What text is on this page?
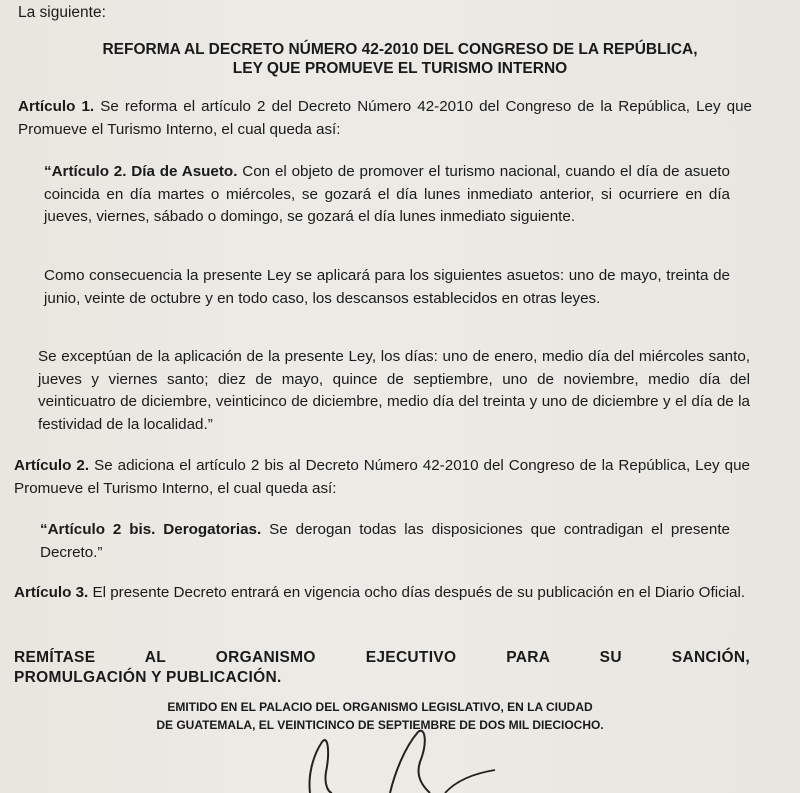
La siguiente:
REFORMA AL DECRETO NÚMERO 42-2010 DEL CONGRESO DE LA REPÚBLICA,
LEY QUE PROMUEVE EL TURISMO INTERNO
Artículo 1. Se reforma el artículo 2 del Decreto Número 42-2010 del Congreso de la República, Ley que Promueve el Turismo Interno, el cual queda así:
“Artículo 2. Día de Asueto. Con el objeto de promover el turismo nacional, cuando el día de asueto coincida en día martes o miércoles, se gozará el día lunes inmediato anterior, si ocurriere en día jueves, viernes, sábado o domingo, se gozará el día lunes inmediato siguiente.
Como consecuencia la presente Ley se aplicará para los siguientes asuetos: uno de mayo, treinta de junio, veinte de octubre y en todo caso, los descansos establecidos en otras leyes.
Se exceptúan de la aplicación de la presente Ley, los días: uno de enero, medio día del miércoles santo, jueves y viernes santo; diez de mayo, quince de septiembre, uno de noviembre, medio día del veinticuatro de diciembre, veinticinco de diciembre, medio día del treinta y uno de diciembre y el día de la festividad de la localidad.”
Artículo 2. Se adiciona el artículo 2 bis al Decreto Número 42-2010 del Congreso de la República, Ley que Promueve el Turismo Interno, el cual queda así:
“Artículo 2 bis. Derogatorias. Se derogan todas las disposiciones que contradigan el presente Decreto.”
Artículo 3. El presente Decreto entrará en vigencia ocho días después de su publicación en el Diario Oficial.
REMÍTASE AL ORGANISMO EJECUTIVO PARA SU SANCIÓN,
PROMULGACIÓN Y PUBLICACIÓN.
EMITIDO EN EL PALACIO DEL ORGANISMO LEGISLATIVO, EN LA CIUDAD
DE GUATEMALA, EL VEINTICINCO DE SEPTIEMBRE DE DOS MIL DIECIOCHO.
